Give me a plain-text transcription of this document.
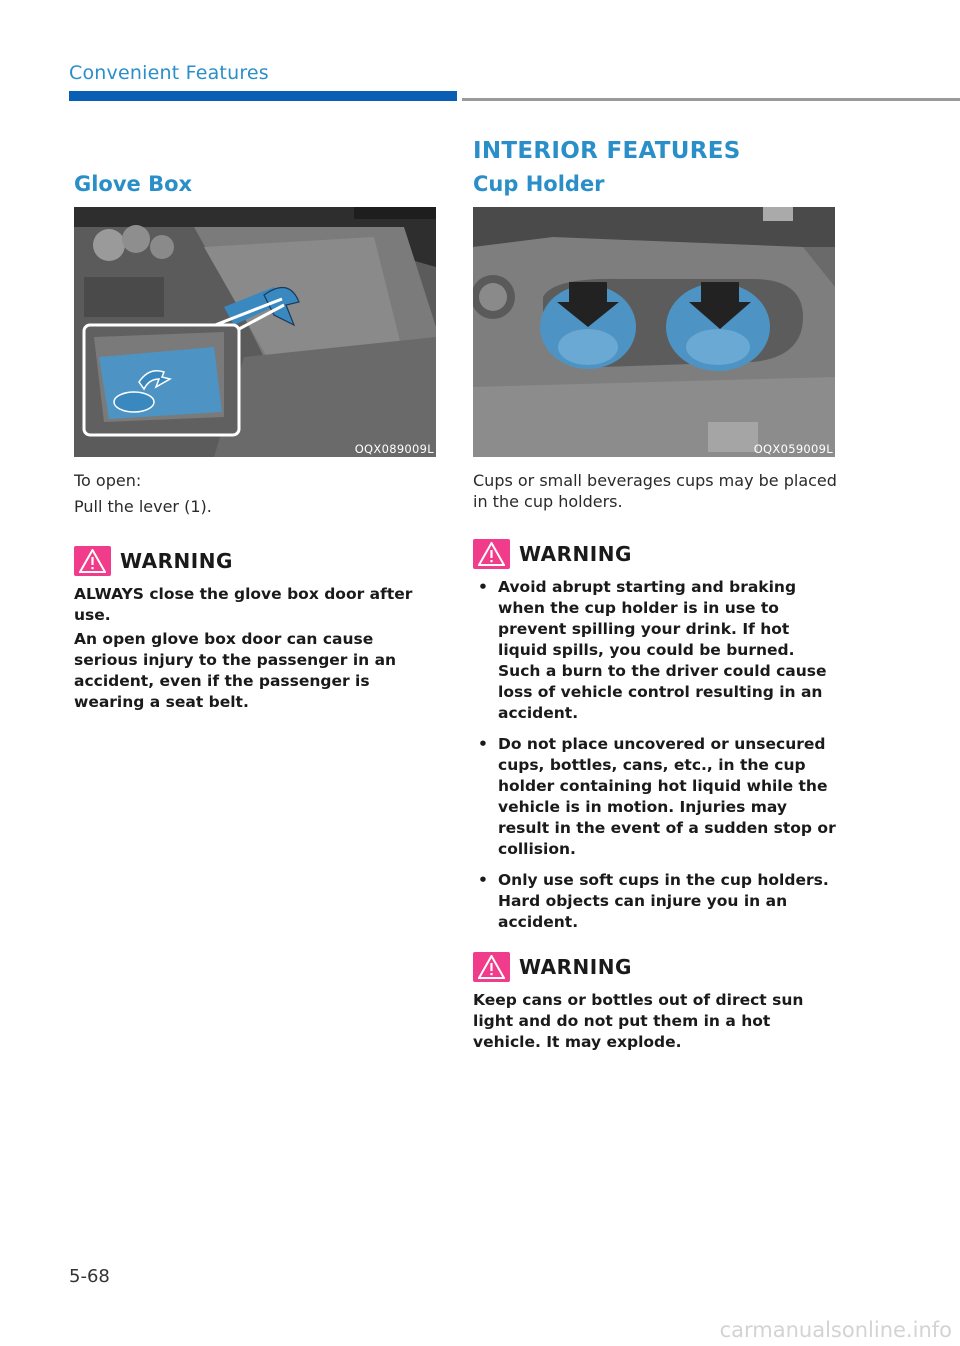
Convenient Features
Glove Box
OQX089009L

To open:

Pull the lever (1).

WARNING

ALWAYS close the glove box door after use.

An open glove box door can cause serious injury to the passenger in an accident, even if the passenger is wearing a seat belt.

INTERIOR FEATURES
Cup Holder
OQX059009L

Cups or small beverages cups may be placed in the cup holders.

WARNING
• Avoid abrupt starting and braking when the cup holder is in use to prevent spilling your drink. If hot liquid spills, you could be burned. Such a burn to the driver could cause loss of vehicle control resulting in an accident.
• Do not place uncovered or unsecured cups, bottles, cans, etc., in the cup holder containing hot liquid while the vehicle is in motion. Injuries may result in the event of a sudden stop or collision.
• Only use soft cups in the cup holders. Hard objects can injure you in an accident.
WARNING

Keep cans or bottles out of direct sun light and do not put them in a hot vehicle. It may explode.

5-68
carmanualsonline.info
